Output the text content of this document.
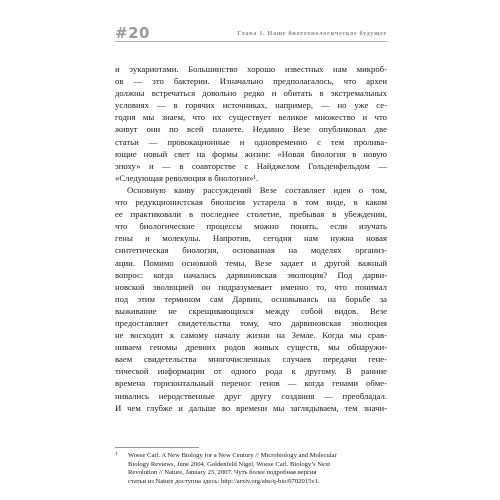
#20	Глава 1. Наше биотехнологическое будущее
и эукариотами. Большинство хорошо известных нам микроб-
ов — это бактерии. Изначально предполагалось, что археи
должны встречаться довольно редко и обитать в экстремальных
условиях — в горячих источниках, например, — но уже се-
годня мы знаем, что их существует великое множество и что
живут они по всей планете. Недавно Везе опубликовал две
статьи — провокационные и одновременно с тем пролива-
ющие новый свет на формы жизни: «Новая биология в новую
эпоху» и — в соавторстве с Найджелом Гольденфельдом —
«Следующая революция в биологии»¹.
Основную канву рассуждений Везе составляет идея о том,
что редукционистская биология устарела в том виде, в каком
ее практиковали в последнее столетие, пребывая в убеждении,
что биологические процессы можно понять, если изучать
гены и молекулы. Напротив, сегодня нам нужна новая
синтетическая биология, основанная на моделях организ-
ации. Помимо основной темы, Везе задает и другой важный
вопрос: когда началась дарвиновская эволюция? Под дарви-
новской эволюцией он подразумевает именно то, что понимал
под этим термином сам Дарвин, основываясь на борьбе за
выживание не скрещивающихся между собой видов. Везе
предоставляет свидетельства тому, что дарвиновская эволюция
не восходит к самому началу жизни на Земле. Когда мы срав-
ниваем геномы древних родов живых существ, мы обнаружи-
ваем свидетельства многочисленных случаев передачи гене-
тической информации от одного рода к другому. В ранние
времена горизонтальный перенос генов — когда генами обме-
нивались неродственные друг другу создания — преобладал.
И чем глубже и дальше во времени мы заглядываем, тем значи-
1 Woese Carl. A New Biology for a New Century // Microbiology and Molecular
Biology Reviews, June 2004. Goldenfeld Nigel, Woese Carl. Biology’s Next
Revolution // Nature, January 25, 2007. Чуть более подробная версия
статьи из Nature доступна здесь: http://arxiv.org/abs/q-bio/0702015v1.
